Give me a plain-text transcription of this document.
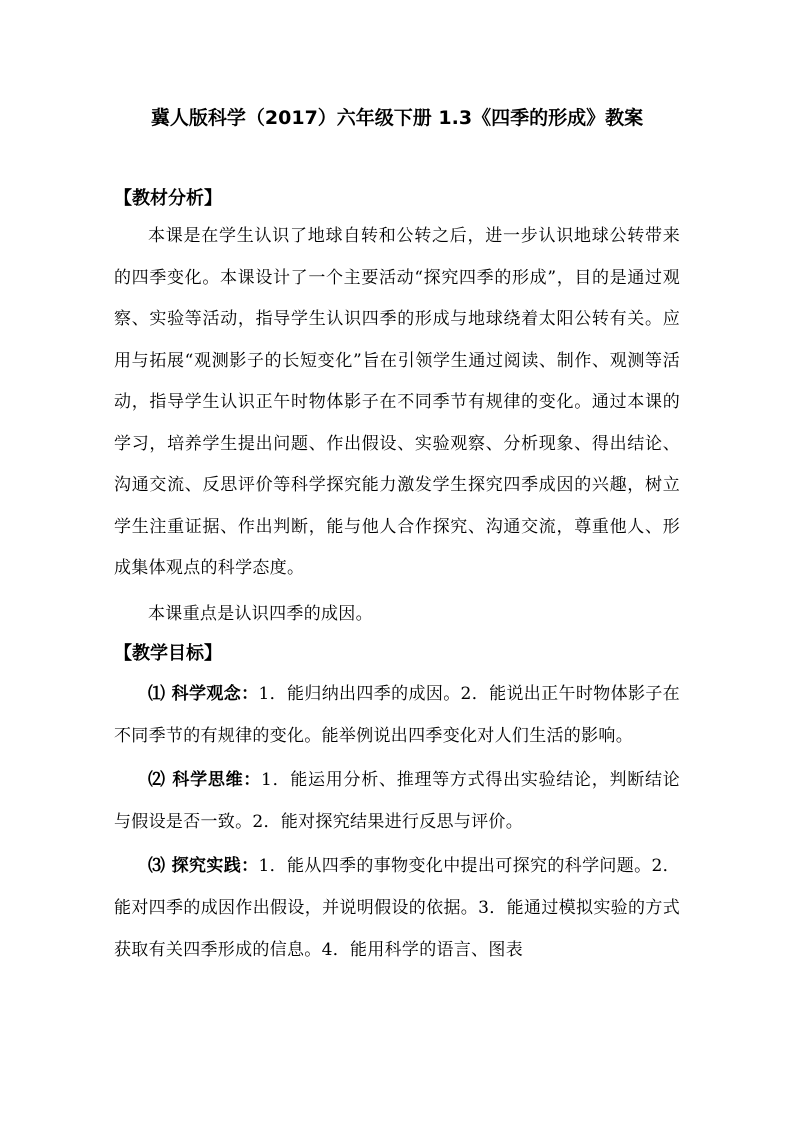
冀人版科学（2017）六年级下册 1.3《四季的形成》教案

【教材分析】

本课是在学生认识了地球自转和公转之后，进一步认识地球公转带来的四季变化。本课设计了一个主要活动“探究四季的形成”，目的是通过观察、实验等活动，指导学生认识四季的形成与地球绕着太阳公转有关。应用与拓展“观测影子的长短变化”旨在引领学生通过阅读、制作、观测等活动，指导学生认识正午时物体影子在不同季节有规律的变化。通过本课的学习，培养学生提出问题、作出假设、实验观察、分析现象、得出结论、沟通交流、反思评价等科学探究能力激发学生探究四季成因的兴趣，树立学生注重证据、作出判断，能与他人合作探究、沟通交流，尊重他人、形成集体观点的科学态度。

本课重点是认识四季的成因。

【教学目标】

⑴ 科学观念：1．能归纳出四季的成因。2．能说出正午时物体影子在不同季节的有规律的变化。能举例说出四季变化对人们生活的影响。

⑵ 科学思维：1．能运用分析、推理等方式得出实验结论，判断结论与假设是否一致。2．能对探究结果进行反思与评价。

⑶ 探究实践：1．能从四季的事物变化中提出可探究的科学问题。2．能对四季的成因作出假设，并说明假设的依据。3．能通过模拟实验的方式获取有关四季形成的信息。4．能用科学的语言、图表
